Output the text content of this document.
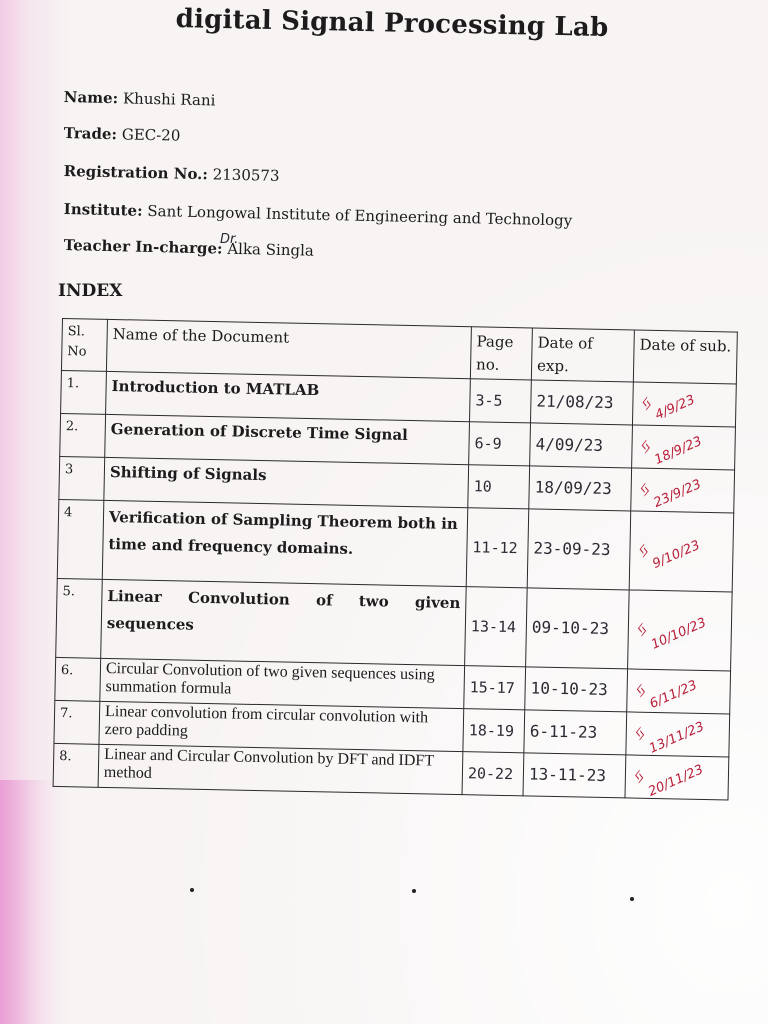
digital Signal Processing Lab
Name: Khushi Rani
Trade: GEC-20
Registration No.: 2130573
Institute: Sant Longowal Institute of Engineering and Technology
Teacher In-charge: Alka Singla
Dr.
INDEX
Sl. No	Name of the Document	Page no.	Date of exp.	Date of sub.
1.	Introduction to MATLAB	3-5	21/08/23	ᛃ4/9/23
2.	Generation of Discrete Time Signal	6-9	4/09/23	ᛃ18/9/23
3	Shifting of Signals	10	18/09/23	ᛃ23/9/23
4	Verification of Sampling Theorem both in time and frequency domains.	11-12	23-09-23	ᛃ9/10/23
5.	Linear Convolution of two given sequences	13-14	09-10-23	ᛃ10/10/23
6.	Circular Convolution of two given sequences using summation formula	15-17	10-10-23	ᛃ6/11/23
7.	Linear convolution from circular convolution with zero padding	18-19	6-11-23	ᛃ13/11/23
8.	Linear and Circular Convolution by DFT and IDFT method	20-22	13-11-23	ᛃ20/11/23
